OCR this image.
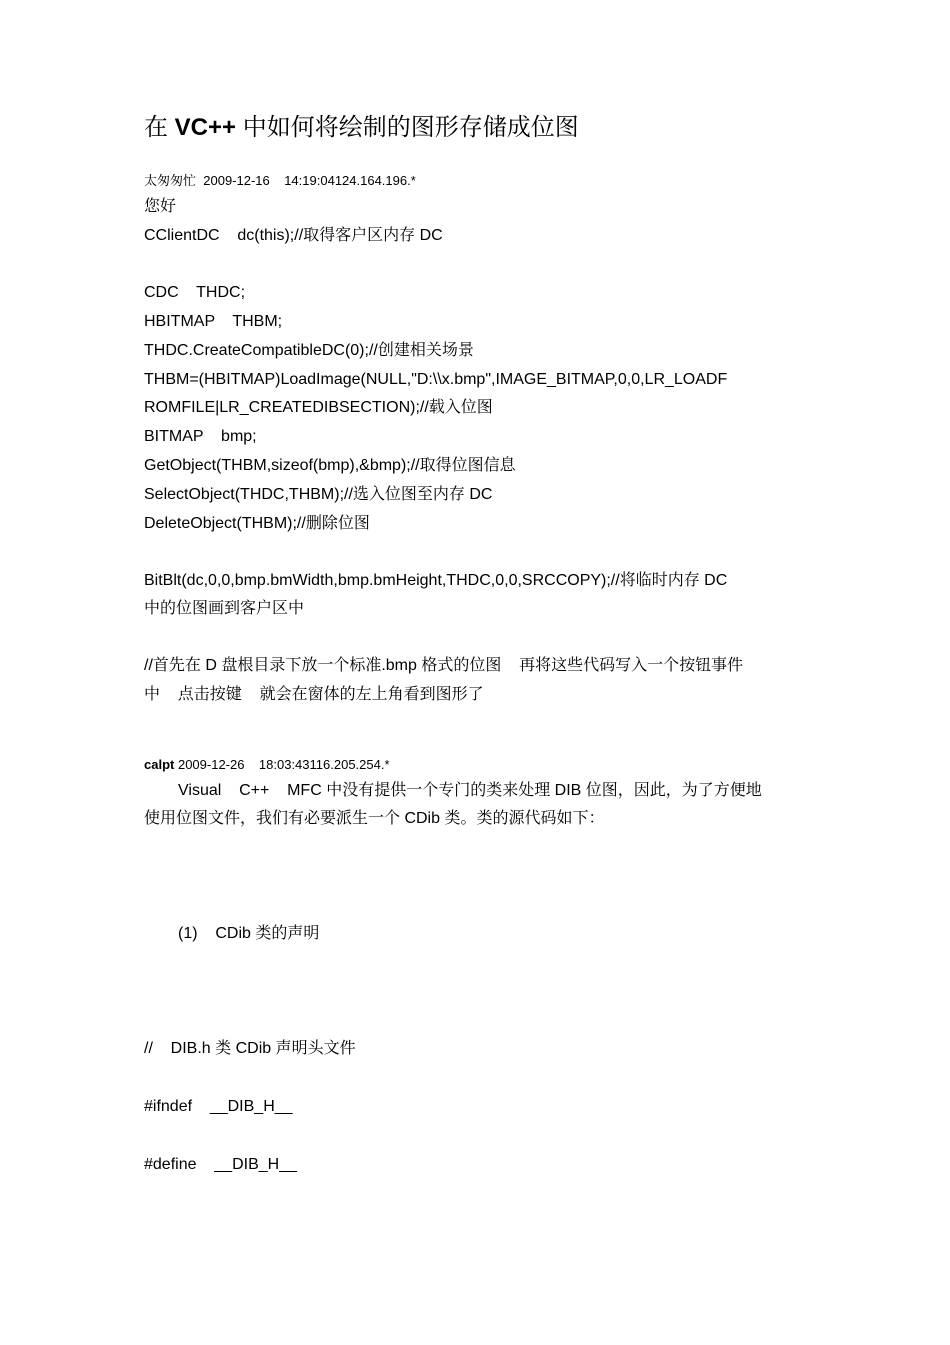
在 VC++ 中如何将绘制的图形存储成位图
太匆匆忙 2009-12-16    14:19:04124.164.196.*
您好
CClientDC    dc(this);//取得客户区内存 DC
CDC    THDC;
HBITMAP    THBM;
THDC.CreateCompatibleDC(0);//创建相关场景
THBM=(HBITMAP)LoadImage(NULL,"D:\\x.bmp",IMAGE_BITMAP,0,0,LR_LOADF
ROMFILE|LR_CREATEDIBSECTION);//载入位图
BITMAP    bmp;
GetObject(THBM,sizeof(bmp),&bmp);//取得位图信息
SelectObject(THDC,THBM);//选入位图至内存 DC
DeleteObject(THBM);//删除位图
BitBlt(dc,0,0,bmp.bmWidth,bmp.bmHeight,THDC,0,0,SRCCOPY);//将临时内存 DC
中的位图画到客户区中
//首先在 D 盘根目录下放一个标准.bmp 格式的位图    再将这些代码写入一个按钮事件
中    点击按键    就会在窗体的左上角看到图形了
calpt 2009-12-26    18:03:43116.205.254.*
Visual    C++    MFC 中没有提供一个专门的类来处理 DIB 位图，因此，为了方便地
使用位图文件，我们有必要派生一个 CDib 类。类的源代码如下：
(1)    CDib 类的声明
//    DIB.h 类 CDib 声明头文件
#ifndef    __DIB_H__
#define    __DIB_H__
